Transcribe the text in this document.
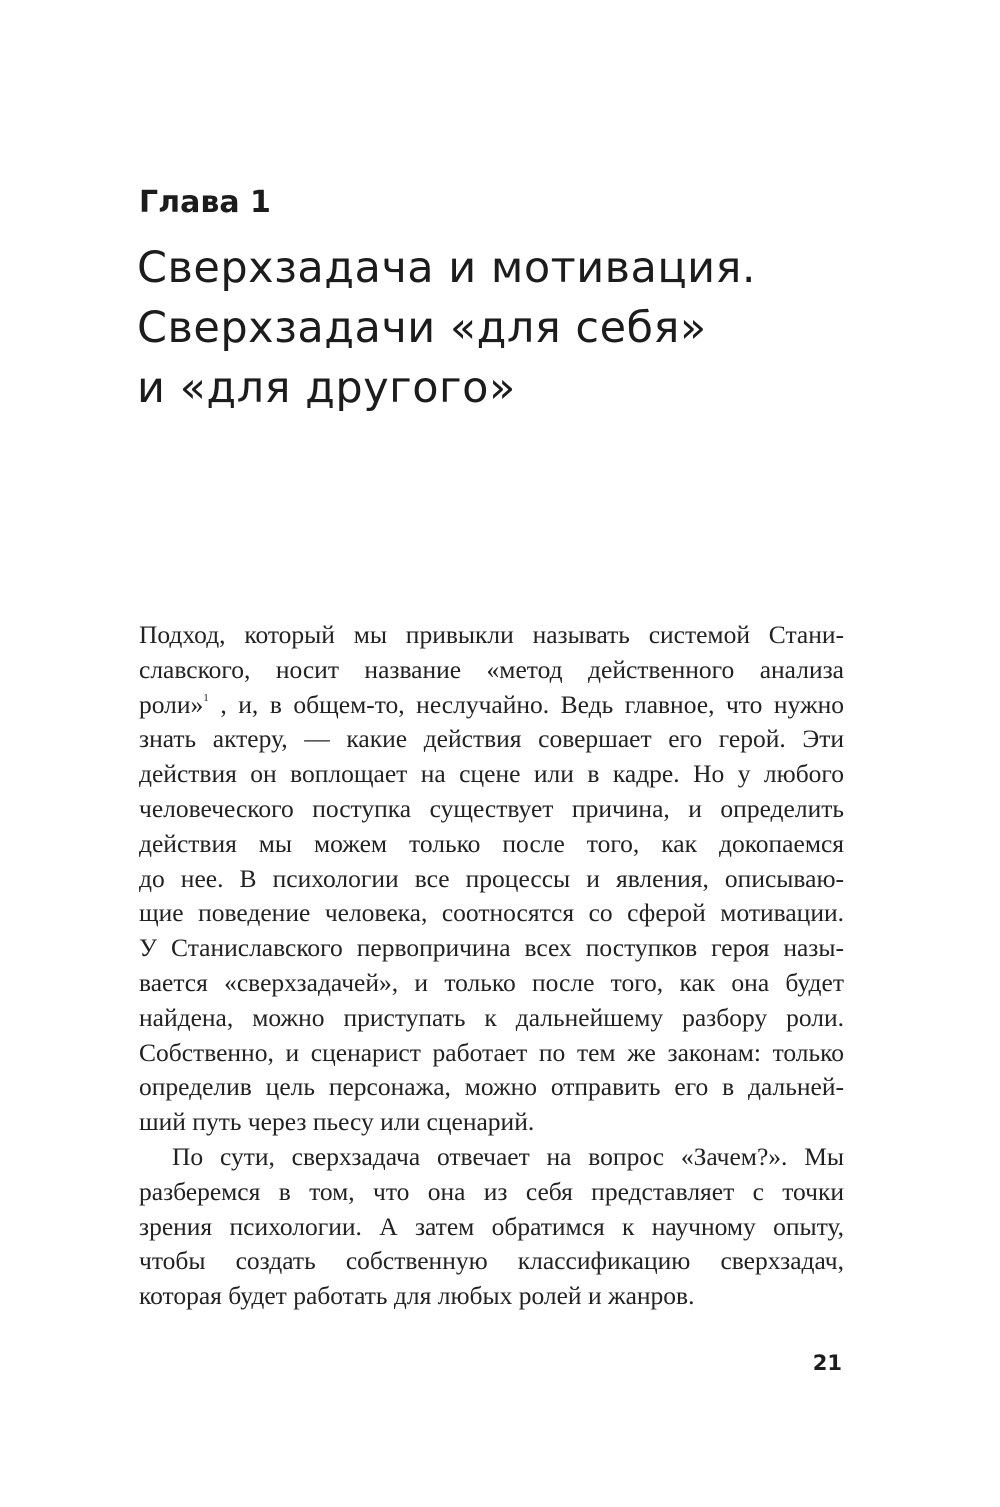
Глава 1
Сверхзадача и мотивация.
Сверхзадачи «для себя»
и «для другого»

Подход, который мы привыкли называть системой Стани-
славского, носит название «метод действенного анализа
роли»$^1$ , и, в общем-то, неслучайно. Ведь главное, что нужно
знать актеру, — какие действия совершает его герой. Эти
действия он воплощает на сцене или в кадре. Но у любого
человеческого поступка существует причина, и определить
действия мы можем только после того, как докопаемся
до нее. В психологии все процессы и явления, описываю-
щие поведение человека, соотносятся со сферой мотивации.
У Станиславского первопричина всех поступков героя назы-
вается «сверхзадачей», и только после того, как она будет
найдена, можно приступать к дальнейшему разбору роли.
Собственно, и сценарист работает по тем же законам: только
определив цель персонажа, можно отправить его в дальней-
ший путь через пьесу или сценарий.

По сути, сверхзадача отвечает на вопрос «Зачем?». Мы
разберемся в том, что она из себя представляет с точки
зрения психологии. А затем обратимся к научному опыту,
чтобы создать собственную классификацию сверхзадач,
которая будет работать для любых ролей и жанров.

21
